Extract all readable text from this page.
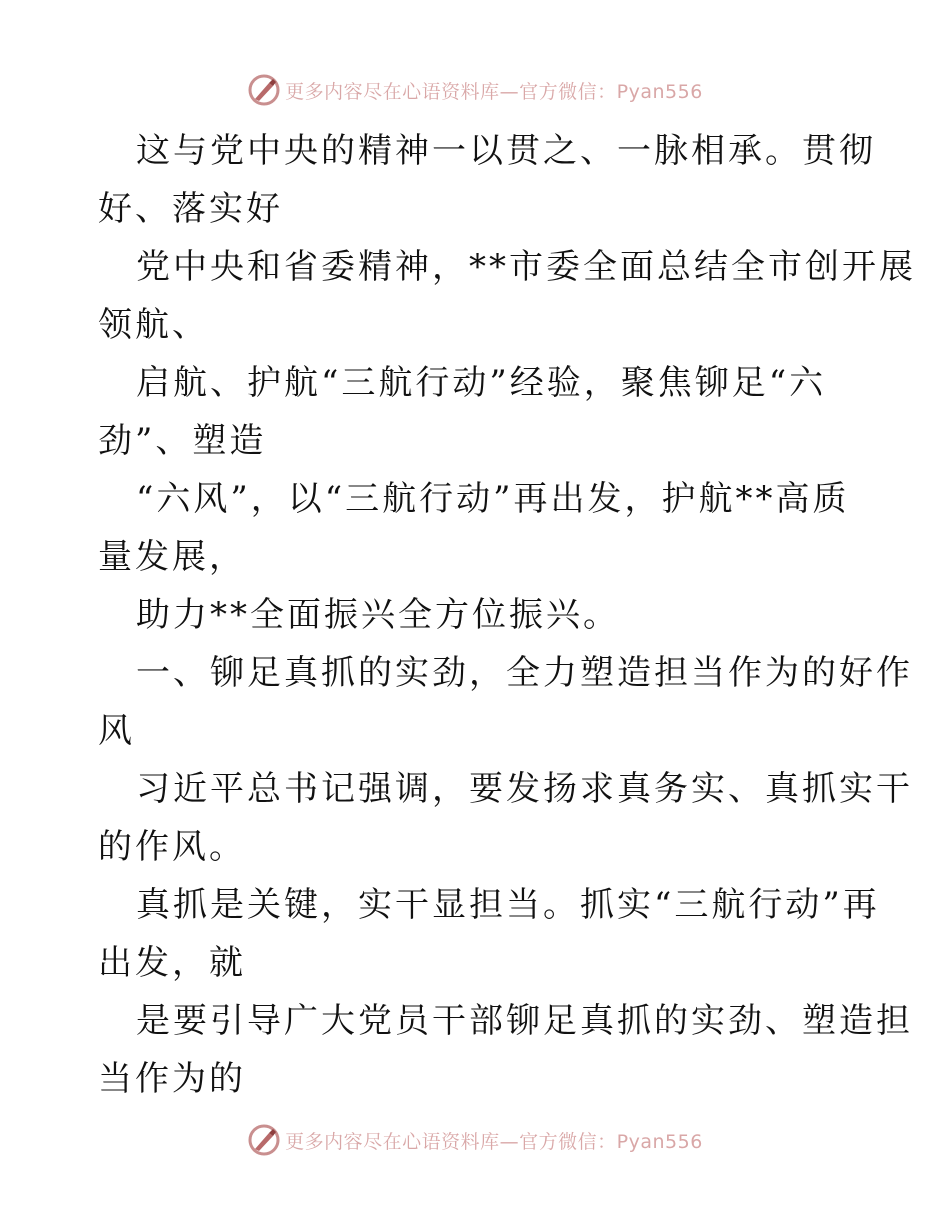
更多内容尽在心语资料库—官方微信：Pyan556
这与党中央的精神一以贯之、一脉相承。贯彻
好、落实好
党中央和省委精神，**市委全面总结全市创开展
领航、
启航、护航“三航行动”经验，聚焦铆足“六
劲”、塑造
“六风”，以“三航行动”再出发，护航**高质
量发展，
助力**全面振兴全方位振兴。
一、铆足真抓的实劲，全力塑造担当作为的好作
风
习近平总书记强调，要发扬求真务实、真抓实干
的作风。
真抓是关键，实干显担当。抓实“三航行动”再
出发，就
是要引导广大党员干部铆足真抓的实劲、塑造担
当作为的
更多内容尽在心语资料库—官方微信：Pyan556
